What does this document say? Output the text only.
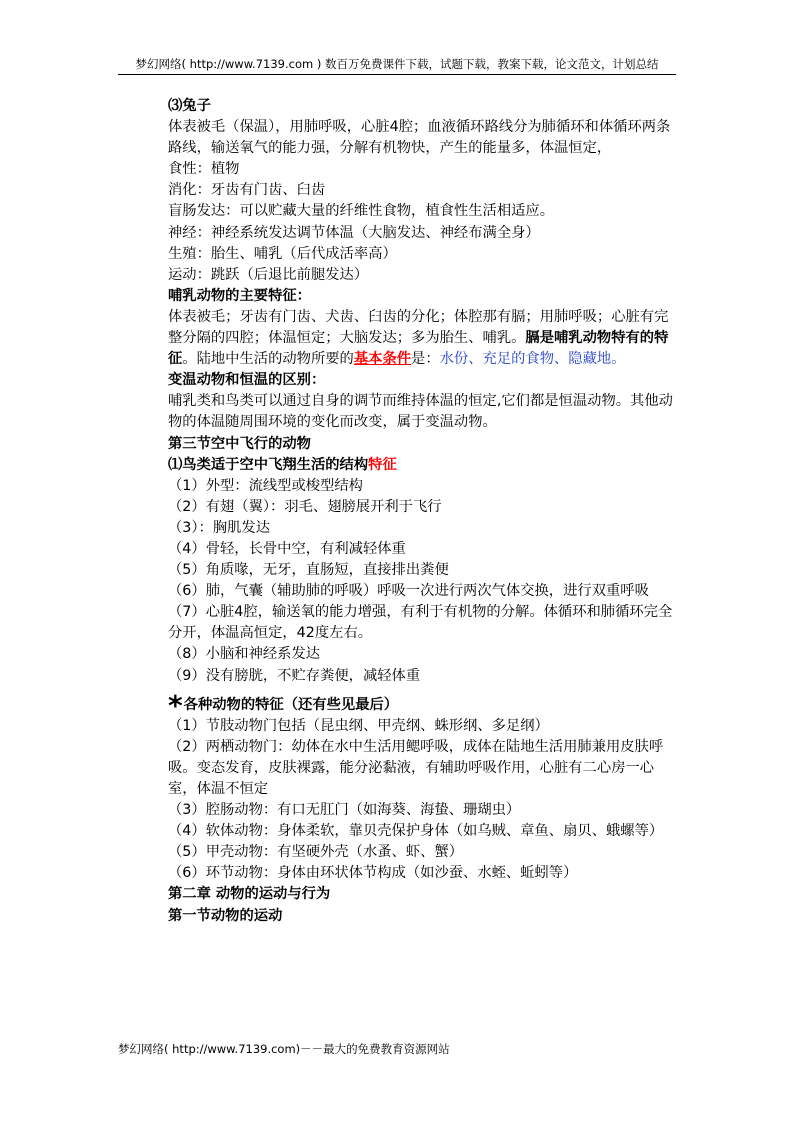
梦幻网络( http://www.7139.com ) 数百万免费课件下载，试题下载，教案下载，论文范文，计划总结

⑶兔子

体表被毛（保温），用肺呼吸，心脏4腔；血液循环路线分为肺循环和体循环两条路线，输送氧气的能力强，分解有机物快，产生的能量多，体温恒定，

食性：植物

消化：牙齿有门齿、臼齿

盲肠发达：可以贮藏大量的纤维性食物，植食性生活相适应。

神经：神经系统发达调节体温（大脑发达、神经布满全身）

生殖：胎生、哺乳（后代成活率高）

运动：跳跃（后退比前腿发达）

哺乳动物的主要特征：

体表被毛；牙齿有门齿、犬齿、臼齿的分化；体腔那有膈；用肺呼吸；心脏有完整分隔的四腔；体温恒定；大脑发达；多为胎生、哺乳。膈是哺乳动物特有的特征。陆地中生活的动物所要的基本条件是：水份、充足的食物、隐藏地。

变温动物和恒温的区别：

哺乳类和鸟类可以通过自身的调节而维持体温的恒定,它们都是恒温动物。其他动物的体温随周围环境的变化而改变，属于变温动物。

第三节空中飞行的动物

⑴鸟类适于空中飞翔生活的结构特征

（1）外型：流线型或梭型结构

（2）有翅（翼）：羽毛、翅膀展开利于飞行

（3）：胸肌发达

（4）骨轻，长骨中空，有利减轻体重

（5）角质喙，无牙，直肠短，直接排出粪便

（6）肺，气囊（辅助肺的呼吸）呼吸一次进行两次气体交换，进行双重呼吸

（7）心脏4腔，输送氧的能力增强，有利于有机物的分解。体循环和肺循环完全分开，体温高恒定，42度左右。

（8）小脑和神经系发达

（9）没有膀胱，不贮存粪便，减轻体重

*各种动物的特征（还有些见最后）

（1）节肢动物门包括（昆虫纲、甲壳纲、蛛形纲、多足纲）

（2）两栖动物门：幼体在水中生活用鳃呼吸，成体在陆地生活用肺兼用皮肤呼吸。变态发育，皮肤裸露，能分泌黏液，有辅助呼吸作用，心脏有二心房一心室，体温不恒定

（3）腔肠动物：有口无肛门（如海葵、海蛰、珊瑚虫）

（4）软体动物：身体柔软，靠贝壳保护身体（如乌贼、章鱼、扇贝、蛾螺等）

（5）甲壳动物：有坚硬外壳（水蚤、虾、蟹）

（6）环节动物：身体由环状体节构成（如沙蚕、水蛭、蚯蚓等）

第二章 动物的运动与行为

第一节动物的运动

梦幻网络( http://www.7139.com)－－最大的免费教育资源网站
